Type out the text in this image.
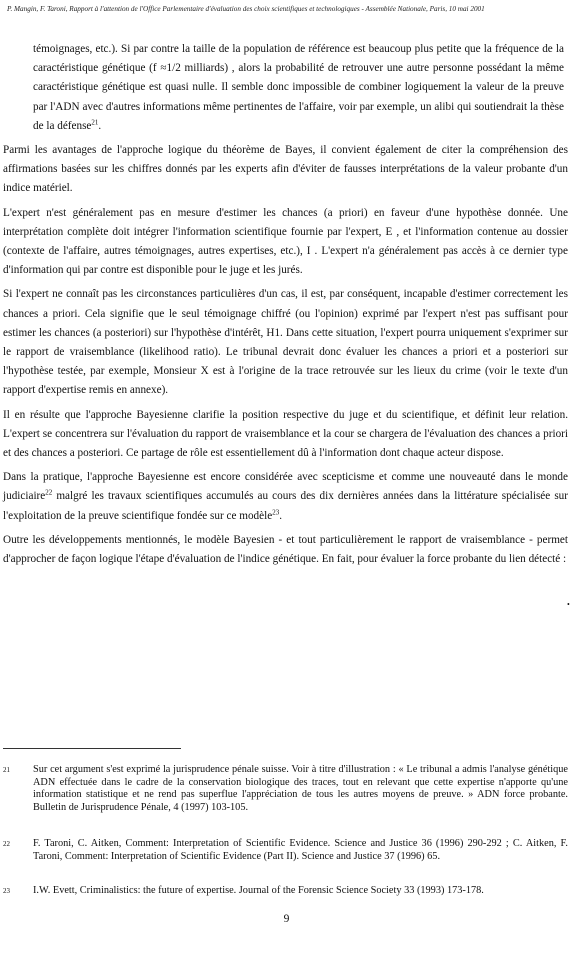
P. Mangin, F. Taroni, Rapport à l'attention de l'Office Parlementaire d'évaluation des choix scientifiques et technologiques - Assemblée Nationale, Paris, 10 mai 2001

témoignages, etc.). Si par contre la taille de la population de référence est beaucoup plus petite que la fréquence de la caractéristique génétique (f ≈1/2 milliards) , alors la probabilité de retrouver une autre personne possédant la même caractéristique génétique est quasi nulle. Il semble donc impossible de combiner logiquement la valeur de la preuve par l'ADN avec d'autres informations même pertinentes de l'affaire, voir par exemple, un alibi qui soutiendrait la thèse de la défense$^{21}$.

Parmi les avantages de l'approche logique du théorème de Bayes, il convient également de citer la compréhension des affirmations basées sur les chiffres donnés par les experts afin d'éviter de fausses interprétations de la valeur probante d'un indice matériel.

L'expert n'est généralement pas en mesure d'estimer les chances (a priori) en faveur d'une hypothèse donnée. Une interprétation complète doit intégrer l'information scientifique fournie par l'expert, E , et l'information contenue au dossier (contexte de l'affaire, autres témoignages, autres expertises, etc.), I . L'expert n'a généralement pas accès à ce dernier type d'information qui par contre est disponible pour le juge et les jurés.

Si l'expert ne connaît pas les circonstances particulières d'un cas, il est, par conséquent, incapable d'estimer correctement les chances a priori. Cela signifie que le seul témoignage chiffré (ou l'opinion) exprimé par l'expert n'est pas suffisant pour estimer les chances (a posteriori) sur l'hypothèse d'intérêt, H1. Dans cette situation, l'expert pourra uniquement s'exprimer sur le rapport de vraisemblance (likelihood ratio). Le tribunal devrait donc évaluer les chances a priori et a posteriori sur l'hypothèse testée, par exemple, Monsieur X est à l'origine de la trace retrouvée sur les lieux du crime (voir le texte d'un rapport d'expertise remis en annexe).

Il en résulte que l'approche Bayesienne clarifie la position respective du juge et du scientifique, et définit leur relation. L'expert se concentrera sur l'évaluation du rapport de vraisemblance et la cour se chargera de l'évaluation des chances a priori et des chances a posteriori. Ce partage de rôle est essentiellement dû à l'information dont chaque acteur dispose.

Dans la pratique, l'approche Bayesienne est encore considérée avec scepticisme et comme une nouveauté dans le monde judiciaire$^{22}$ malgré les travaux scientifiques accumulés au cours des dix dernières années dans la littérature spécialisée sur l'exploitation de la preuve scientifique fondée sur ce modèle$^{23}$.

Outre les développements mentionnés, le modèle Bayesien - et tout particulièrement le rapport de vraisemblance - permet d'approcher de façon logique l'étape d'évaluation de l'indice génétique. En fait, pour évaluer la force probante du lien détecté :

•
21 Sur cet argument s'est exprimé la jurisprudence pénale suisse. Voir à titre d'illustration : « Le tribunal a admis l'analyse génétique ADN effectuée dans le cadre de la conservation biologique des traces, tout en relevant que cette expertise n'apporte qu'une information statistique et ne rend pas superflue l'appréciation de tous les autres moyens de preuve. » ADN force probante. Bulletin de Jurisprudence Pénale, 4 (1997) 103-105.
22 F. Taroni, C. Aitken, Comment: Interpretation of Scientific Evidence. Science and Justice 36 (1996) 290-292 ; C. Aitken, F. Taroni, Comment: Interpretation of Scientific Evidence (Part II). Science and Justice 37 (1996) 65.
23 I.W. Evett, Criminalistics: the future of expertise. Journal of the Forensic Science Society 33 (1993) 173-178.
9
